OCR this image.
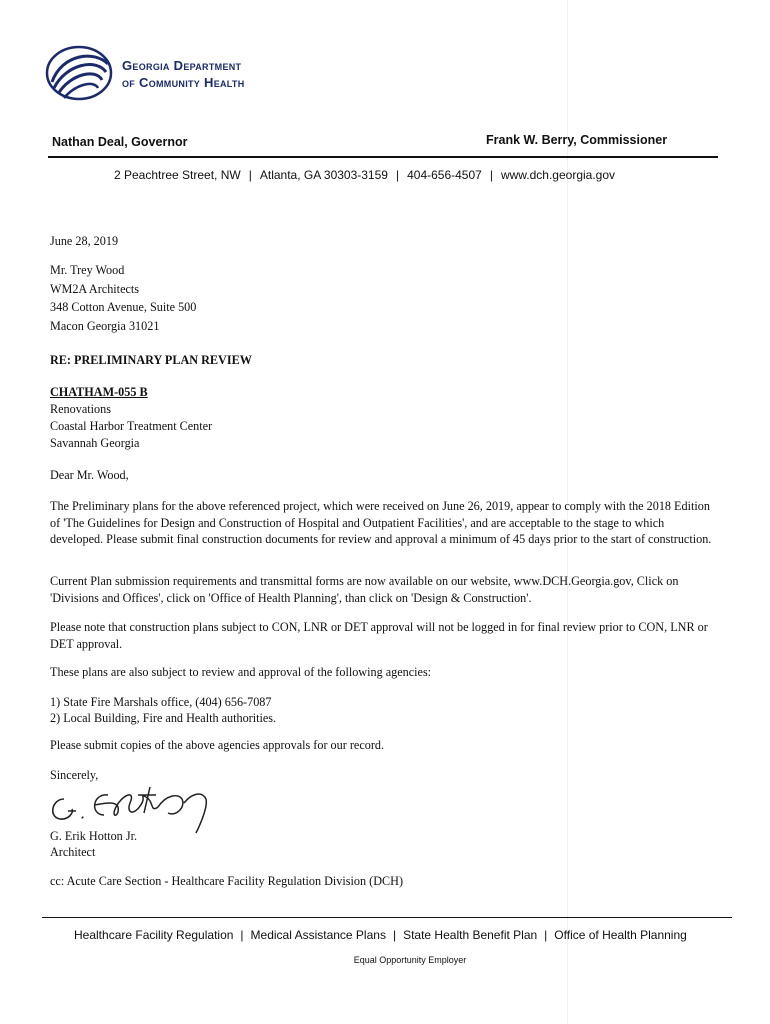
Georgia Department
of Community Health
Nathan Deal, Governor	Frank W. Berry, Commissioner
2 Peachtree Street, NW | Atlanta, GA 30303-3159 | 404-656-4507 | www.dch.georgia.gov
June 28, 2019
Mr. Trey Wood
WM2A Architects
348 Cotton Avenue, Suite 500
Macon Georgia 31021
RE: PRELIMINARY PLAN REVIEW
CHATHAM-055 B
Renovations
Coastal Harbor Treatment Center
Savannah Georgia
Dear Mr. Wood,
The Preliminary plans for the above referenced project, which were received on June 26, 2019, appear to comply with the 2018 Edition of 'The Guidelines for Design and Construction of Hospital and Outpatient Facilities', and are acceptable to the stage to which developed. Please submit final construction documents for review and approval a minimum of 45 days prior to the start of construction.
Current Plan submission requirements and transmittal forms are now available on our website, www.DCH.Georgia.gov, Click on 'Divisions and Offices', click on 'Office of Health Planning', than click on 'Design & Construction'.
Please note that construction plans subject to CON, LNR or DET approval will not be logged in for final review prior to CON, LNR or DET approval.
These plans are also subject to review and approval of the following agencies:
1) State Fire Marshals office, (404) 656-7087
2) Local Building, Fire and Health authorities.
Please submit copies of the above agencies approvals for our record.
Sincerely,
G. Erik Hotton Jr.
Architect
cc: Acute Care Section - Healthcare Facility Regulation Division (DCH)
Healthcare Facility Regulation | Medical Assistance Plans | State Health Benefit Plan | Office of Health Planning
Equal Opportunity Employer
